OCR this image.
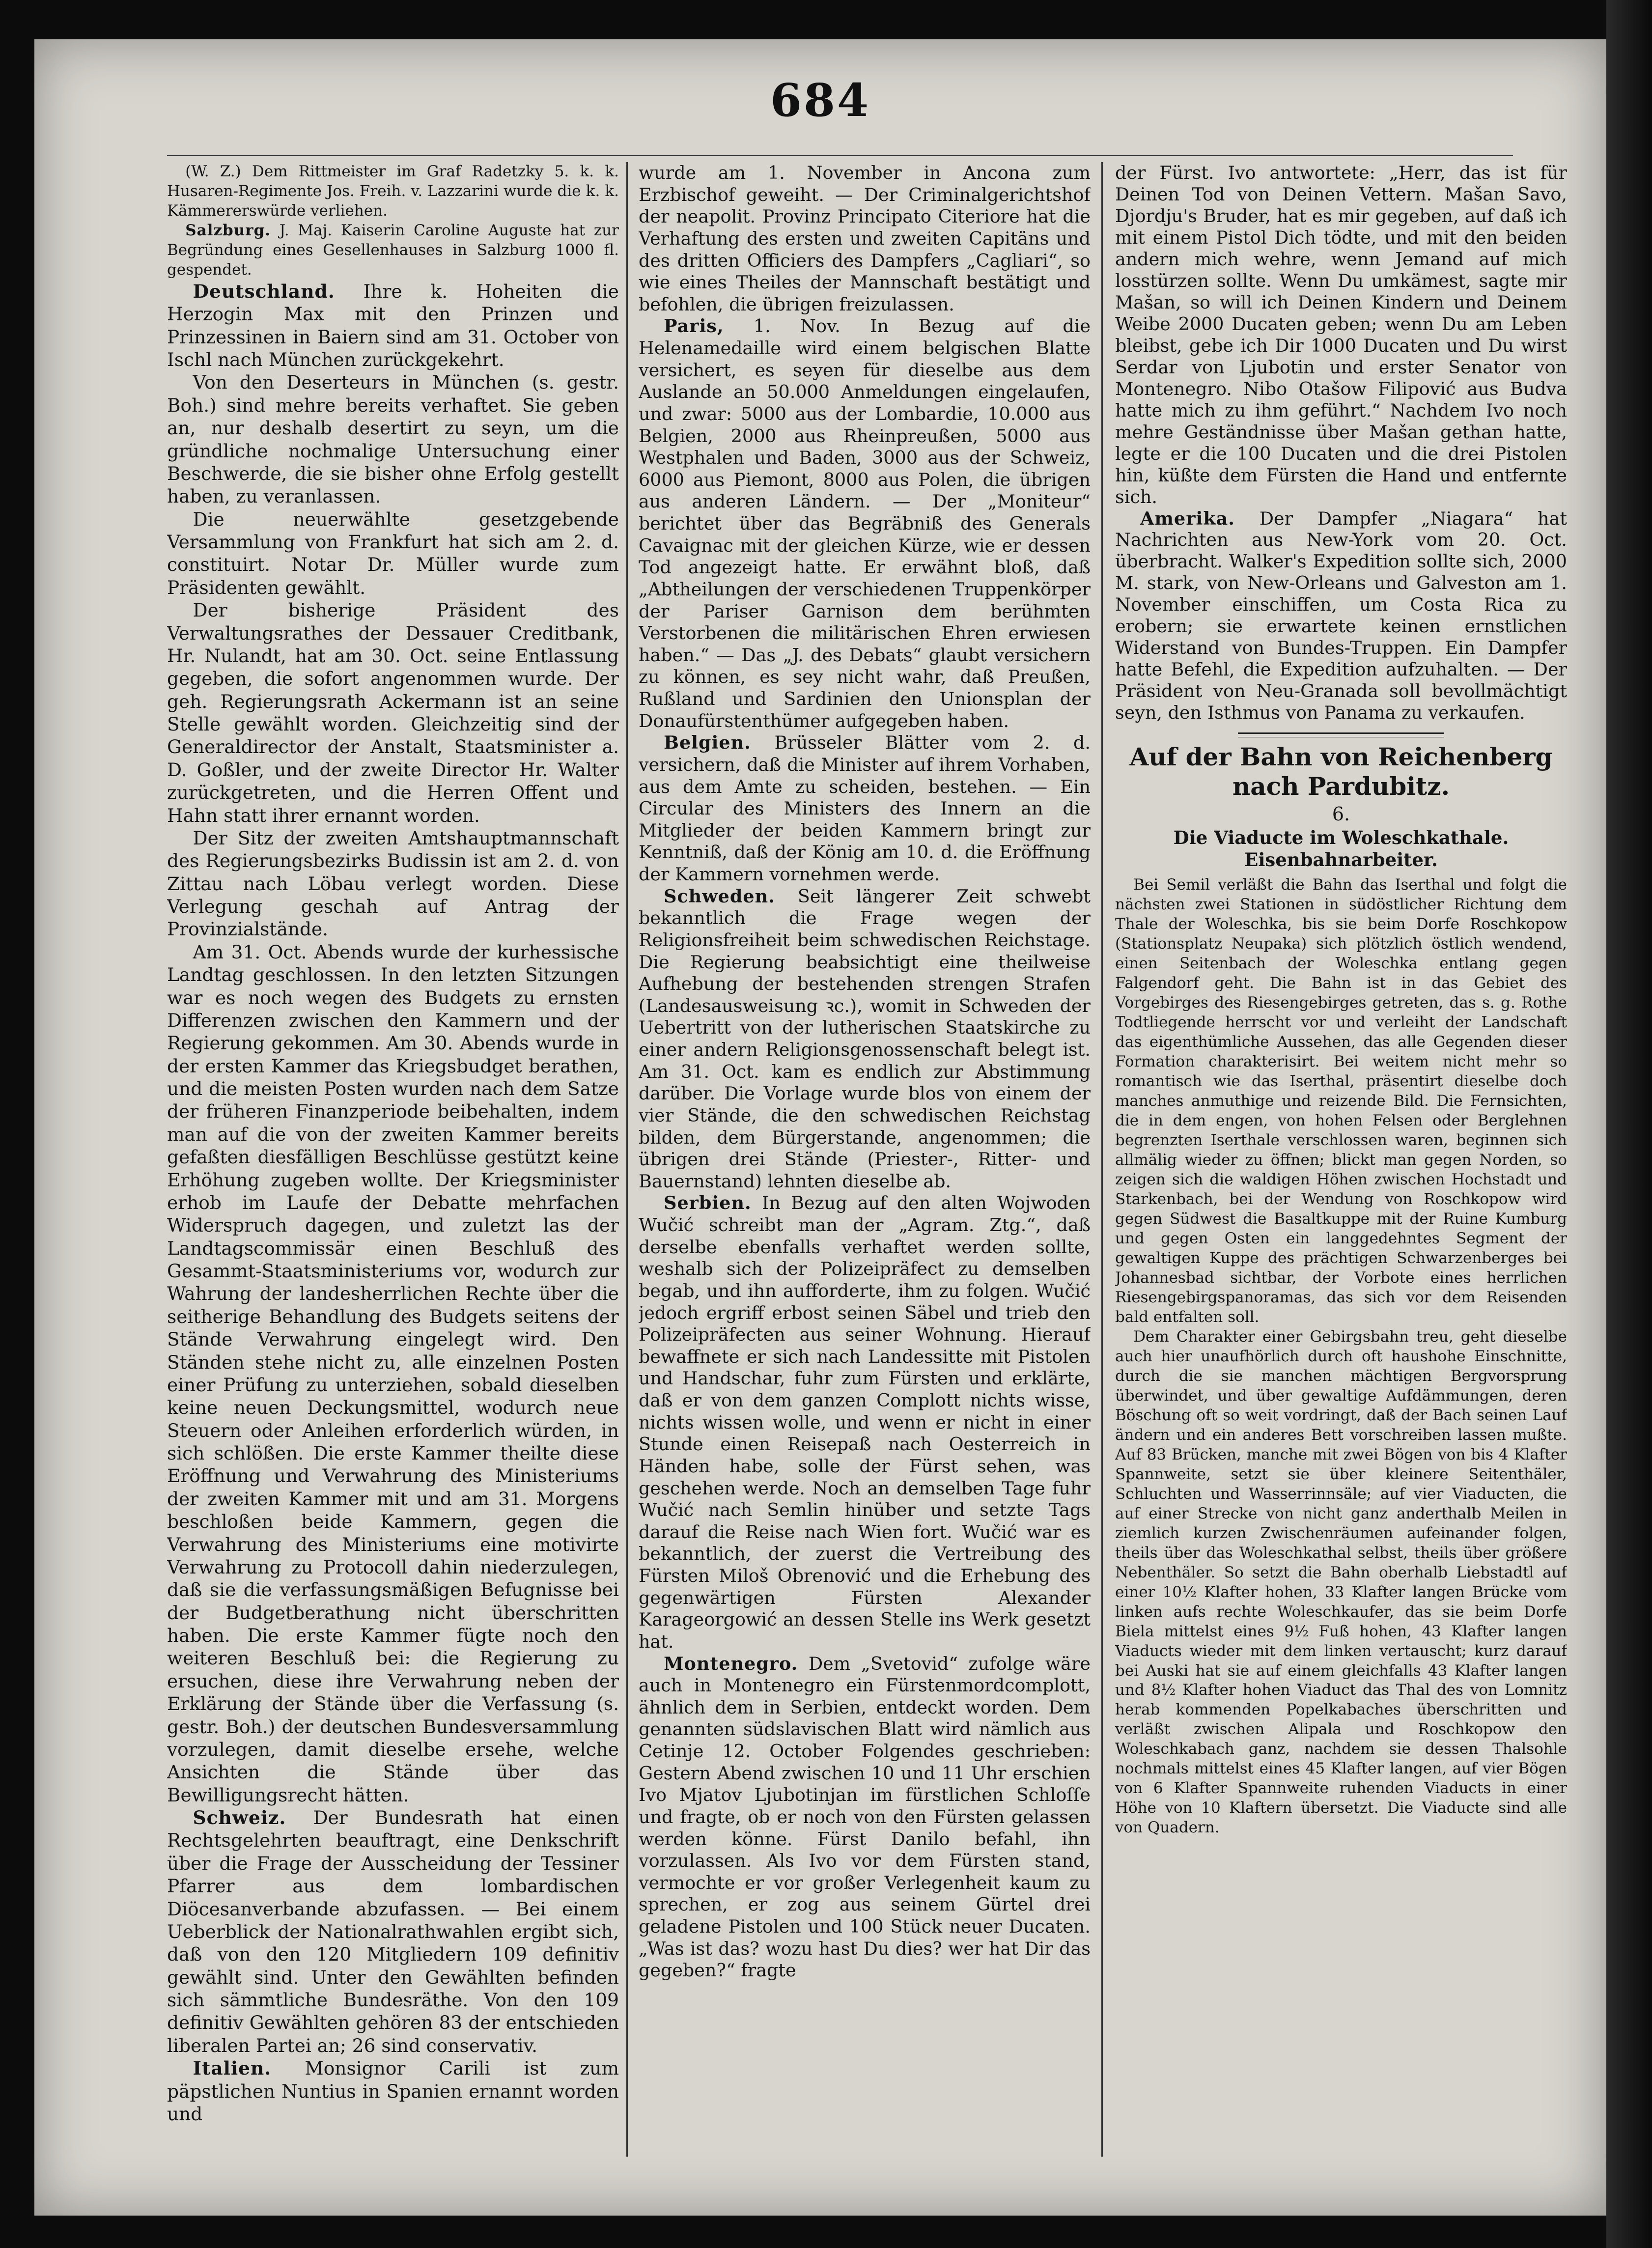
684

(W. Z.) Dem Rittmeister im Graf Radetzky 5. k. k. Husaren-Regimente Jos. Freih. v. Lazzarini wurde die k. k. Kämmererswürde verliehen.

Salzburg. J. Maj. Kaiserin Caroline Auguste hat zur Begründung eines Gesellenhauses in Salzburg 1000 fl. gespendet.

Deutschland. Ihre k. Hoheiten die Herzogin Max mit den Prinzen und Prinzessinen in Baiern sind am 31. October von Ischl nach München zurückgekehrt.

Von den Deserteurs in München (s. gestr. Boh.) sind mehre bereits verhaftet. Sie geben an, nur deshalb desertirt zu seyn, um die gründliche nochmalige Untersuchung einer Beschwerde, die sie bisher ohne Erfolg gestellt haben, zu veranlassen.

Die neuerwählte gesetzgebende Versammlung von Frankfurt hat sich am 2. d. constituirt. Notar Dr. Müller wurde zum Präsidenten gewählt.

Der bisherige Präsident des Verwaltungsrathes der Dessauer Creditbank, Hr. Nulandt, hat am 30. Oct. seine Entlassung gegeben, die sofort angenommen wurde. Der geh. Regierungsrath Ackermann ist an seine Stelle gewählt worden. Gleichzeitig sind der Generaldirector der Anstalt, Staatsminister a. D. Goßler, und der zweite Director Hr. Walter zurückgetreten, und die Herren Offent und Hahn statt ihrer ernannt worden.

Der Sitz der zweiten Amtshauptmannschaft des Regierungsbezirks Budissin ist am 2. d. von Zittau nach Löbau verlegt worden. Diese Verlegung geschah auf Antrag der Provinzialstände.

Am 31. Oct. Abends wurde der kurhessische Landtag geschlossen. In den letzten Sitzungen war es noch wegen des Budgets zu ernsten Differenzen zwischen den Kammern und der Regierung gekommen. Am 30. Abends wurde in der ersten Kammer das Kriegsbudget berathen, und die meisten Posten wurden nach dem Satze der früheren Finanzperiode beibehalten, indem man auf die von der zweiten Kammer bereits gefaßten diesfälligen Beschlüsse gestützt keine Erhöhung zugeben wollte. Der Kriegsminister erhob im Laufe der Debatte mehrfachen Widerspruch dagegen, und zuletzt las der Landtagscommissär einen Beschluß des Gesammt-Staatsministeriums vor, wodurch zur Wahrung der landesherrlichen Rechte über die seitherige Behandlung des Budgets seitens der Stände Verwahrung eingelegt wird. Den Ständen stehe nicht zu, alle einzelnen Posten einer Prüfung zu unterziehen, sobald dieselben keine neuen Deckungsmittel, wodurch neue Steuern oder Anleihen erforderlich würden, in sich schlößen. Die erste Kammer theilte diese Eröffnung und Verwahrung des Ministeriums der zweiten Kammer mit und am 31. Morgens beschloßen beide Kammern, gegen die Verwahrung des Ministeriums eine motivirte Verwahrung zu Protocoll dahin niederzulegen, daß sie die verfassungsmäßigen Befugnisse bei der Budgetberathung nicht überschritten haben. Die erste Kammer fügte noch den weiteren Beschluß bei: die Regierung zu ersuchen, diese ihre Verwahrung neben der Erklärung der Stände über die Verfassung (s. gestr. Boh.) der deutschen Bundesversammlung vorzulegen, damit dieselbe ersehe, welche Ansichten die Stände über das Bewilligungsrecht hätten.

Schweiz. Der Bundesrath hat einen Rechtsgelehrten beauftragt, eine Denkschrift über die Frage der Ausscheidung der Tessiner Pfarrer aus dem lombardischen Diöcesanverbande abzufassen. — Bei einem Ueberblick der Nationalrathwahlen ergibt sich, daß von den 120 Mitgliedern 109 definitiv gewählt sind. Unter den Gewählten befinden sich sämmtliche Bundesräthe. Von den 109 definitiv Gewählten gehören 83 der entschieden liberalen Partei an; 26 sind conservativ.

Italien. Monsignor Carili ist zum päpstlichen Nuntius in Spanien ernannt worden und

wurde am 1. November in Ancona zum Erzbischof geweiht. — Der Criminalgerichtshof der neapolit. Provinz Principato Citeriore hat die Verhaftung des ersten und zweiten Capitäns und des dritten Officiers des Dampfers „Cagliari“, so wie eines Theiles der Mannschaft bestätigt und befohlen, die übrigen freizulassen.

Paris, 1. Nov. In Bezug auf die Helenamedaille wird einem belgischen Blatte versichert, es seyen für dieselbe aus dem Auslande an 50.000 Anmeldungen eingelaufen, und zwar: 5000 aus der Lombardie, 10.000 aus Belgien, 2000 aus Rheinpreußen, 5000 aus Westphalen und Baden, 3000 aus der Schweiz, 6000 aus Piemont, 8000 aus Polen, die übrigen aus anderen Ländern. — Der „Moniteur“ berichtet über das Begräbniß des Generals Cavaignac mit der gleichen Kürze, wie er dessen Tod angezeigt hatte. Er erwähnt bloß, daß „Abtheilungen der verschiedenen Truppenkörper der Pariser Garnison dem berühmten Verstorbenen die militärischen Ehren erwiesen haben.“ — Das „J. des Debats“ glaubt versichern zu können, es sey nicht wahr, daß Preußen, Rußland und Sardinien den Unionsplan der Donaufürstenthümer aufgegeben haben.

Belgien. Brüsseler Blätter vom 2. d. versichern, daß die Minister auf ihrem Vorhaben, aus dem Amte zu scheiden, bestehen. — Ein Circular des Ministers des Innern an die Mitglieder der beiden Kammern bringt zur Kenntniß, daß der König am 10. d. die Eröffnung der Kammern vornehmen werde.

Schweden. Seit längerer Zeit schwebt bekanntlich die Frage wegen der Religionsfreiheit beim schwedischen Reichstage. Die Regierung beabsichtigt eine theilweise Aufhebung der bestehenden strengen Strafen (Landesausweisung ꝛc.), womit in Schweden der Uebertritt von der lutherischen Staatskirche zu einer andern Religionsgenossenschaft belegt ist. Am 31. Oct. kam es endlich zur Abstimmung darüber. Die Vorlage wurde blos von einem der vier Stände, die den schwedischen Reichstag bilden, dem Bürgerstande, angenommen; die übrigen drei Stände (Priester-, Ritter- und Bauernstand) lehnten dieselbe ab.

Serbien. In Bezug auf den alten Wojwoden Wučić schreibt man der „Agram. Ztg.“, daß derselbe ebenfalls verhaftet werden sollte, weshalb sich der Polizeipräfect zu demselben begab, und ihn aufforderte, ihm zu folgen. Wučić jedoch ergriff erbost seinen Säbel und trieb den Polizeipräfecten aus seiner Wohnung. Hierauf bewaffnete er sich nach Landessitte mit Pistolen und Handschar, fuhr zum Fürsten und erklärte, daß er von dem ganzen Complott nichts wisse, nichts wissen wolle, und wenn er nicht in einer Stunde einen Reisepaß nach Oesterreich in Händen habe, solle der Fürst sehen, was geschehen werde. Noch an demselben Tage fuhr Wučić nach Semlin hinüber und setzte Tags darauf die Reise nach Wien fort. Wučić war es bekanntlich, der zuerst die Vertreibung des Fürsten Miloš Obrenović und die Erhebung des gegenwärtigen Fürsten Alexander Karageorgowić an dessen Stelle ins Werk gesetzt hat.

Montenegro. Dem „Svetovid“ zufolge wäre auch in Montenegro ein Fürstenmordcomplott, ähnlich dem in Serbien, entdeckt worden. Dem genannten südslavischen Blatt wird nämlich aus Cetinje 12. October Folgendes geschrieben: Gestern Abend zwischen 10 und 11 Uhr erschien Ivo Mjatov Ljubotinjan im fürstlichen Schloſſe und fragte, ob er noch von den Fürsten gelassen werden könne. Fürst Danilo befahl, ihn vorzulassen. Als Ivo vor dem Fürsten stand, vermochte er vor großer Verlegenheit kaum zu sprechen, er zog aus seinem Gürtel drei geladene Pistolen und 100 Stück neuer Ducaten. „Was ist das? wozu hast Du dies? wer hat Dir das gegeben?“ fragte

der Fürst. Ivo antwortete: „Herr, das ist für Deinen Tod von Deinen Vettern. Mašan Savo, Djordju's Bruder, hat es mir gegeben, auf daß ich mit einem Pistol Dich tödte, und mit den beiden andern mich wehre, wenn Jemand auf mich losstürzen sollte. Wenn Du umkämest, sagte mir Mašan, so will ich Deinen Kindern und Deinem Weibe 2000 Ducaten geben; wenn Du am Leben bleibst, gebe ich Dir 1000 Ducaten und Du wirst Serdar von Ljubotin und erster Senator von Montenegro. Nibo Otašow Filipović aus Budva hatte mich zu ihm geführt.“ Nachdem Ivo noch mehre Geständnisse über Mašan gethan hatte, legte er die 100 Ducaten und die drei Pistolen hin, küßte dem Fürsten die Hand und entfernte sich.

Amerika. Der Dampfer „Niagara“ hat Nachrichten aus New-York vom 20. Oct. überbracht. Walker's Expedition sollte sich, 2000 M. stark, von New-Orleans und Galveston am 1. November einschiffen, um Costa Rica zu erobern; sie erwartete keinen ernstlichen Widerstand von Bundes-Truppen. Ein Dampfer hatte Befehl, die Expedition aufzuhalten. — Der Präsident von Neu-Granada soll bevollmächtigt seyn, den Isthmus von Panama zu verkaufen.

Auf der Bahn von Reichenberg nach Pardubitz.
6.
Die Viaducte im Woleschkathale. Eisenbahnarbeiter.

Bei Semil verläßt die Bahn das Iserthal und folgt die nächsten zwei Stationen in südöstlicher Richtung dem Thale der Woleschka, bis sie beim Dorfe Roschkopow (Stationsplatz Neupaka) sich plötzlich östlich wendend, einen Seitenbach der Woleschka entlang gegen Falgendorf geht. Die Bahn ist in das Gebiet des Vorgebirges des Riesengebirges getreten, das s. g. Rothe Todtliegende herrscht vor und verleiht der Landschaft das eigenthümliche Aussehen, das alle Gegenden dieser Formation charakterisirt. Bei weitem nicht mehr so romantisch wie das Iserthal, präsentirt dieselbe doch manches anmuthige und reizende Bild. Die Fernsichten, die in dem engen, von hohen Felsen oder Berglehnen begrenzten Iserthale verschlossen waren, beginnen sich allmälig wieder zu öffnen; blickt man gegen Norden, so zeigen sich die waldigen Höhen zwischen Hochstadt und Starkenbach, bei der Wendung von Roschkopow wird gegen Südwest die Basaltkuppe mit der Ruine Kumburg und gegen Osten ein langgedehntes Segment der gewaltigen Kuppe des prächtigen Schwarzenberges bei Johannesbad sichtbar, der Vorbote eines herrlichen Riesengebirgspanoramas, das sich vor dem Reisenden bald entfalten soll.

Dem Charakter einer Gebirgsbahn treu, geht dieselbe auch hier unaufhörlich durch oft haushohe Einschnitte, durch die sie manchen mächtigen Bergvorsprung überwindet, und über gewaltige Aufdämmungen, deren Böschung oft so weit vordringt, daß der Bach seinen Lauf ändern und ein anderes Bett vorschreiben lassen mußte. Auf 83 Brücken, manche mit zwei Bögen von bis 4 Klafter Spannweite, setzt sie über kleinere Seitenthäler, Schluchten und Wasserrinnsäle; auf vier Viaducten, die auf einer Strecke von nicht ganz anderthalb Meilen in ziemlich kurzen Zwischenräumen aufeinander folgen, theils über das Woleschkathal selbst, theils über größere Nebenthäler. So setzt die Bahn oberhalb Liebstadtl auf einer 10½ Klafter hohen, 33 Klafter langen Brücke vom linken aufs rechte Woleschkaufer, das sie beim Dorfe Biela mittelst eines 9½ Fuß hohen, 43 Klafter langen Viaducts wieder mit dem linken vertauscht; kurz darauf bei Auski hat sie auf einem gleichfalls 43 Klafter langen und 8½ Klafter hohen Viaduct das Thal des von Lomnitz herab kommenden Popelkabaches überschritten und verläßt zwischen Alipala und Roschkopow den Woleschkabach ganz, nachdem sie dessen Thalsohle nochmals mittelst eines 45 Klafter langen, auf vier Bögen von 6 Klafter Spannweite ruhenden Viaducts in einer Höhe von 10 Klaftern übersetzt. Die Viaducte sind alle von Quadern.
